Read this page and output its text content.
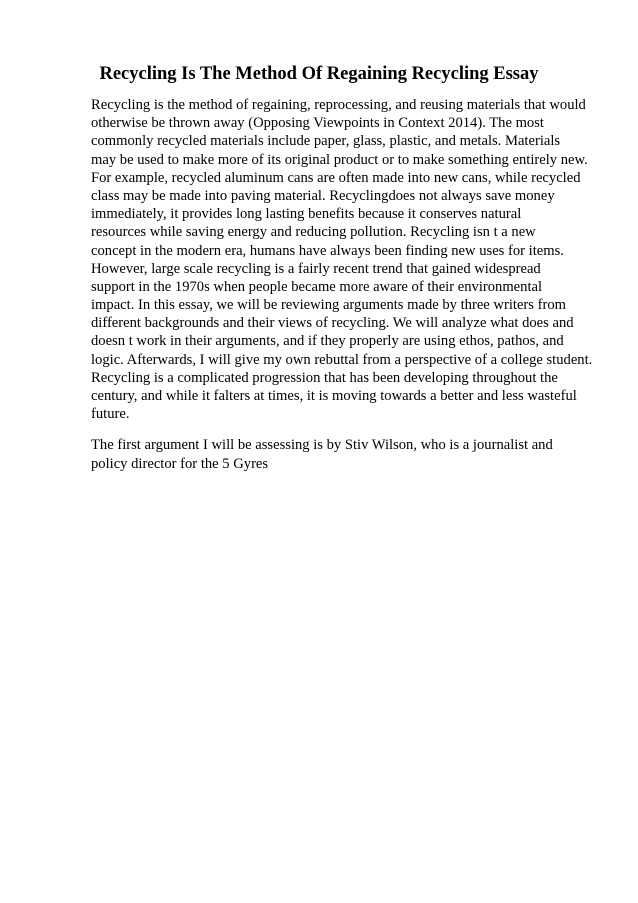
Recycling Is The Method Of Regaining Recycling Essay

Recycling is the method of regaining, reprocessing, and reusing materials that would
otherwise be thrown away (Opposing Viewpoints in Context 2014). The most
commonly recycled materials include paper, glass, plastic, and metals. Materials
may be used to make more of its original product or to make something entirely new.
For example, recycled aluminum cans are often made into new cans, while recycled
class may be made into paving material. Recyclingdoes not always save money
immediately, it provides long lasting benefits because it conserves natural
resources while saving energy and reducing pollution. Recycling isn t a new
concept in the modern era, humans have always been finding new uses for items.
However, large scale recycling is a fairly recent trend that gained widespread
support in the 1970s when people became more aware of their environmental
impact. In this essay, we will be reviewing arguments made by three writers from
different backgrounds and their views of recycling. We will analyze what does and
doesn t work in their arguments, and if they properly are using ethos, pathos, and
logic. Afterwards, I will give my own rebuttal from a perspective of a college student.
Recycling is a complicated progression that has been developing throughout the
century, and while it falters at times, it is moving towards a better and less wasteful
future.

The first argument I will be assessing is by Stiv Wilson, who is a journalist and
policy director for the 5 Gyres
